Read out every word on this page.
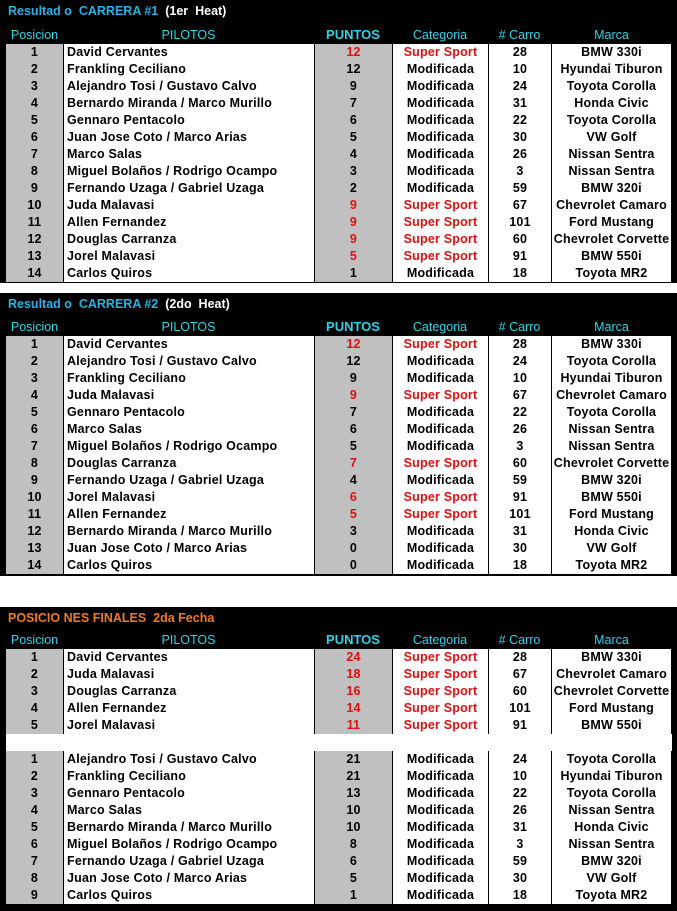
Resultad o  CARRERA #1  (1er  Heat)
Posicion	PILOTOS	PUNTOS	Categoria	# Carro	Marca
1	David Cervantes	12	Super Sport	28	BMW 330i
2	Frankling Ceciliano	12	Modificada	10	Hyundai Tiburon
3	Alejandro Tosi / Gustavo Calvo	9	Modificada	24	Toyota Corolla
4	Bernardo Miranda / Marco Murillo	7	Modificada	31	Honda Civic
5	Gennaro Pentacolo	6	Modificada	22	Toyota Corolla
6	Juan Jose Coto / Marco Arias	5	Modificada	30	VW Golf
7	Marco Salas	4	Modificada	26	Nissan Sentra
8	Miguel Bolaños / Rodrigo Ocampo	3	Modificada	3	Nissan Sentra
9	Fernando Uzaga / Gabriel Uzaga	2	Modificada	59	BMW 320i
10	Juda Malavasi	9	Super Sport	67	Chevrolet Camaro
11	Allen Fernandez	9	Super Sport	101	Ford Mustang
12	Douglas Carranza	9	Super Sport	60	Chevrolet Corvette
13	Jorel Malavasi	5	Super Sport	91	BMW 550i
14	Carlos Quiros	1	Modificada	18	Toyota MR2
Resultad o  CARRERA #2  (2do  Heat)
Posicion	PILOTOS	PUNTOS	Categoria	# Carro	Marca
1	David Cervantes	12	Super Sport	28	BMW 330i
2	Alejandro Tosi / Gustavo Calvo	12	Modificada	24	Toyota Corolla
3	Frankling Ceciliano	9	Modificada	10	Hyundai Tiburon
4	Juda Malavasi	9	Super Sport	67	Chevrolet Camaro
5	Gennaro Pentacolo	7	Modificada	22	Toyota Corolla
6	Marco Salas	6	Modificada	26	Nissan Sentra
7	Miguel Bolaños / Rodrigo Ocampo	5	Modificada	3	Nissan Sentra
8	Douglas Carranza	7	Super Sport	60	Chevrolet Corvette
9	Fernando Uzaga / Gabriel Uzaga	4	Modificada	59	BMW 320i
10	Jorel Malavasi	6	Super Sport	91	BMW 550i
11	Allen Fernandez	5	Super Sport	101	Ford Mustang
12	Bernardo Miranda / Marco Murillo	3	Modificada	31	Honda Civic
13	Juan Jose Coto / Marco Arias	0	Modificada	30	VW Golf
14	Carlos Quiros	0	Modificada	18	Toyota MR2
POSICIO NES FINALES  2da Fecha
Posicion	PILOTOS	PUNTOS	Categoria	# Carro	Marca
1	David Cervantes	24	Super Sport	28	BMW 330i
2	Juda Malavasi	18	Super Sport	67	Chevrolet Camaro
3	Douglas Carranza	16	Super Sport	60	Chevrolet Corvette
4	Allen Fernandez	14	Super Sport	101	Ford Mustang
5	Jorel Malavasi	11	Super Sport	91	BMW 550i
1	Alejandro Tosi / Gustavo Calvo	21	Modificada	24	Toyota Corolla
2	Frankling Ceciliano	21	Modificada	10	Hyundai Tiburon
3	Gennaro Pentacolo	13	Modificada	22	Toyota Corolla
4	Marco Salas	10	Modificada	26	Nissan Sentra
5	Bernardo Miranda / Marco Murillo	10	Modificada	31	Honda Civic
6	Miguel Bolaños / Rodrigo Ocampo	8	Modificada	3	Nissan Sentra
7	Fernando Uzaga / Gabriel Uzaga	6	Modificada	59	BMW 320i
8	Juan Jose Coto / Marco Arias	5	Modificada	30	VW Golf
9	Carlos Quiros	1	Modificada	18	Toyota MR2
